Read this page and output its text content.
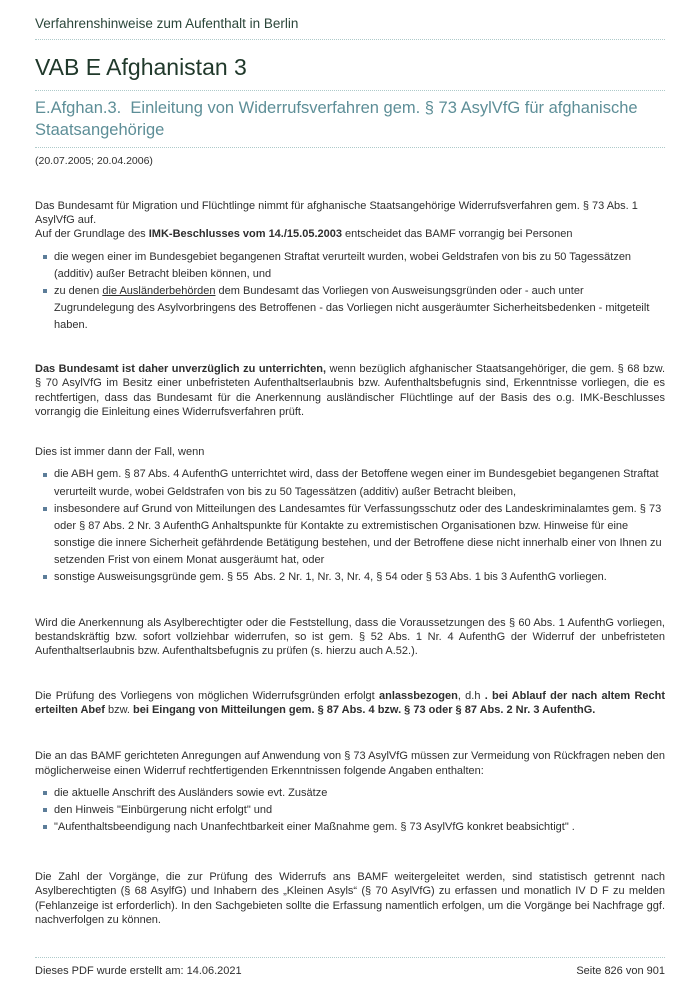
Verfahrenshinweise zum Aufenthalt in Berlin
VAB E Afghanistan 3
E.Afghan.3.  Einleitung von Widerrufsverfahren gem. § 73 AsylVfG für afghanische Staatsangehörige
(20.07.2005; 20.04.2006)

Das Bundesamt für Migration und Flüchtlinge nimmt für afghanische Staatsangehörige Widerrufsverfahren gem. § 73 Abs. 1 AsylVfG auf.

Auf der Grundlage des IMK-Beschlusses vom 14./15.05.2003 entscheidet das BAMF vorrangig bei Personen

die wegen einer im Bundesgebiet begangenen Straftat verurteilt wurden, wobei Geldstrafen von bis zu 50 Tagessätzen (additiv) außer Betracht bleiben können, und
zu denen die Ausländerbehörden dem Bundesamt das Vorliegen von Ausweisungsgründen oder - auch unter Zugrundelegung des Asylvorbringens des Betroffenen - das Vorliegen nicht ausgeräumter Sicherheitsbedenken - mitgeteilt haben.

Das Bundesamt ist daher unverzüglich zu unterrichten, wenn bezüglich afghanischer Staatsangehöriger, die gem. § 68 bzw. § 70 AsylVfG im Besitz einer unbefristeten Aufenthaltserlaubnis bzw. Aufenthaltsbefugnis sind, Erkenntnisse vorliegen, die es rechtfertigen, dass das Bundesamt für die Anerkennung ausländischer Flüchtlinge auf der Basis des o.g. IMK-Beschlusses vorrangig die Einleitung eines Widerrufsverfahren prüft.

Dies ist immer dann der Fall, wenn

die ABH gem. § 87 Abs. 4 AufenthG unterrichtet wird, dass der Betoffene wegen einer im Bundesgebiet begangenen Straftat verurteilt wurde, wobei Geldstrafen von bis zu 50 Tagessätzen (additiv) außer Betracht bleiben,
insbesondere auf Grund von Mitteilungen des Landesamtes für Verfassungsschutz oder des Landeskriminalamtes gem. § 73 oder § 87 Abs. 2 Nr. 3 AufenthG Anhaltspunkte für Kontakte zu extremistischen Organisationen bzw. Hinweise für eine sonstige die innere Sicherheit gefährdende Betätigung bestehen, und der Betroffene diese nicht innerhalb einer von Ihnen zu setzenden Frist von einem Monat ausgeräumt hat, oder
sonstige Ausweisungsgründe gem. § 55  Abs. 2 Nr. 1, Nr. 3, Nr. 4, § 54 oder § 53 Abs. 1 bis 3 AufenthG vorliegen.

Wird die Anerkennung als Asylberechtigter oder die Feststellung, dass die Voraussetzungen des § 60 Abs. 1 AufenthG vorliegen, bestandskräftig bzw. sofort vollziehbar widerrufen, so ist gem. § 52 Abs. 1 Nr. 4 AufenthG der Widerruf der unbefristeten Aufenthaltserlaubnis bzw. Aufenthaltsbefugnis zu prüfen (s. hierzu auch A.52.).

Die Prüfung des Vorliegens von möglichen Widerrufsgründen erfolgt anlassbezogen, d.h . bei Ablauf der nach altem Recht erteilten Abef bzw. bei Eingang von Mitteilungen gem. § 87 Abs. 4 bzw. § 73 oder § 87 Abs. 2 Nr. 3 AufenthG.

Die an das BAMF gerichteten Anregungen auf Anwendung von § 73 AsylVfG müssen zur Vermeidung von Rückfragen neben den möglicherweise einen Widerruf rechtfertigenden Erkenntnissen folgende Angaben enthalten:

die aktuelle Anschrift des Ausländers sowie evt. Zusätze
den Hinweis "Einbürgerung nicht erfolgt" und
"Aufenthaltsbeendigung nach Unanfechtbarkeit einer Maßnahme gem. § 73 AsylVfG konkret beabsichtigt" .

Die Zahl der Vorgänge, die zur Prüfung des Widerrufs ans BAMF weitergeleitet werden, sind statistisch getrennt nach Asylberechtigten (§ 68 AsylfG) und Inhabern des „Kleinen Asyls“ (§ 70 AsylVfG) zu erfassen und monatlich IV D F zu melden (Fehlanzeige ist erforderlich). In den Sachgebieten sollte die Erfassung namentlich erfolgen, um die Vorgänge bei Nachfrage ggf. nachverfolgen zu können.

Dieses PDF wurde erstellt am: 14.06.2021	Seite 826 von 901
